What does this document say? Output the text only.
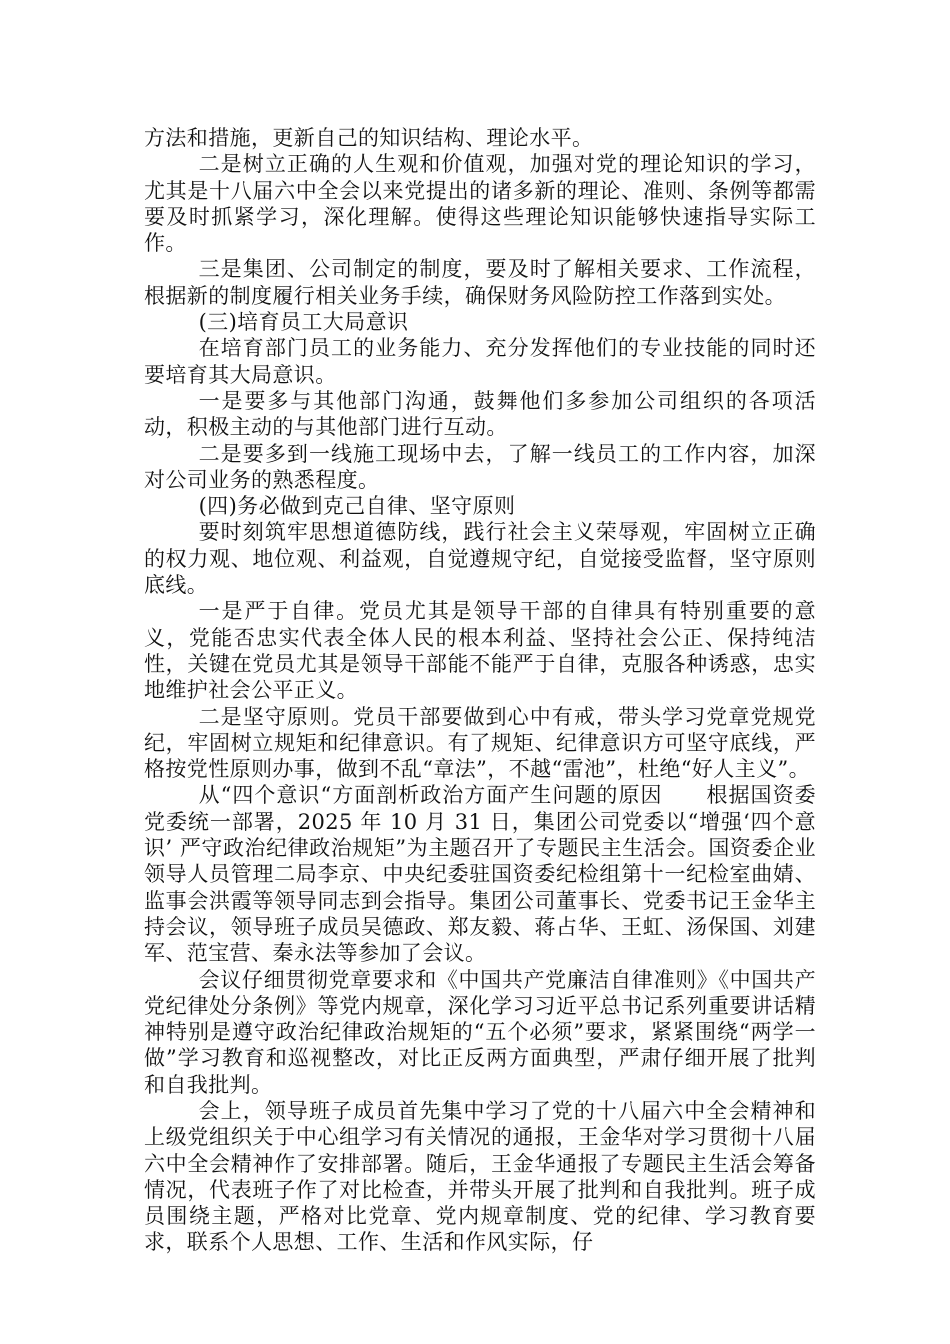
方法和措施，更新自己的知识结构、理论水平。

二是树立正确的人生观和价值观，加强对党的理论知识的学习，尤其是十八届六中全会以来党提出的诸多新的理论、准则、条例等都需要及时抓紧学习，深化理解。使得这些理论知识能够快速指导实际工作。

三是集团、公司制定的制度，要及时了解相关要求、工作流程，根据新的制度履行相关业务手续，确保财务风险防控工作落到实处。

(三)培育员工大局意识

在培育部门员工的业务能力、充分发挥他们的专业技能的同时还要培育其大局意识。

一是要多与其他部门沟通，鼓舞他们多参加公司组织的各项活动，积极主动的与其他部门进行互动。

二是要多到一线施工现场中去，了解一线员工的工作内容，加深对公司业务的熟悉程度。

(四)务必做到克己自律、坚守原则

要时刻筑牢思想道德防线，践行社会主义荣辱观，牢固树立正确的权力观、地位观、利益观，自觉遵规守纪，自觉接受监督，坚守原则底线。

一是严于自律。党员尤其是领导干部的自律具有特别重要的意义，党能否忠实代表全体人民的根本利益、坚持社会公正、保持纯洁性，关键在党员尤其是领导干部能不能严于自律，克服各种诱惑，忠实地维护社会公平正义。

二是坚守原则。党员干部要做到心中有戒，带头学习党章党规党纪，牢固树立规矩和纪律意识。有了规矩、纪律意识方可坚守底线，严格按党性原则办事，做到不乱“章法”，不越“雷池”，杜绝“好人主义”。

从“四个意识“方面剖析政治方面产生问题的原因　　根据国资委党委统一部署，2025 年 10 月 31 日，集团公司党委以“增强‘四个意识’ 严守政治纪律政治规矩”为主题召开了专题民主生活会。国资委企业领导人员管理二局李京、中央纪委驻国资委纪检组第十一纪检室曲婧、监事会洪霞等领导同志到会指导。集团公司董事长、党委书记王金华主持会议，领导班子成员吴德政、郑友毅、蒋占华、王虹、汤保国、刘建军、范宝营、秦永法等参加了会议。

会议仔细贯彻党章要求和《中国共产党廉洁自律准则》《中国共产党纪律处分条例》等党内规章，深化学习习近平总书记系列重要讲话精神特别是遵守政治纪律政治规矩的“五个必须”要求，紧紧围绕“两学一做”学习教育和巡视整改，对比正反两方面典型，严肃仔细开展了批判和自我批判。

会上，领导班子成员首先集中学习了党的十八届六中全会精神和上级党组织关于中心组学习有关情况的通报，王金华对学习贯彻十八届六中全会精神作了安排部署。随后，王金华通报了专题民主生活会筹备情况，代表班子作了对比检查，并带头开展了批判和自我批判。班子成员围绕主题，严格对比党章、党内规章制度、党的纪律、学习教育要求，联系个人思想、工作、生活和作风实际，仔
